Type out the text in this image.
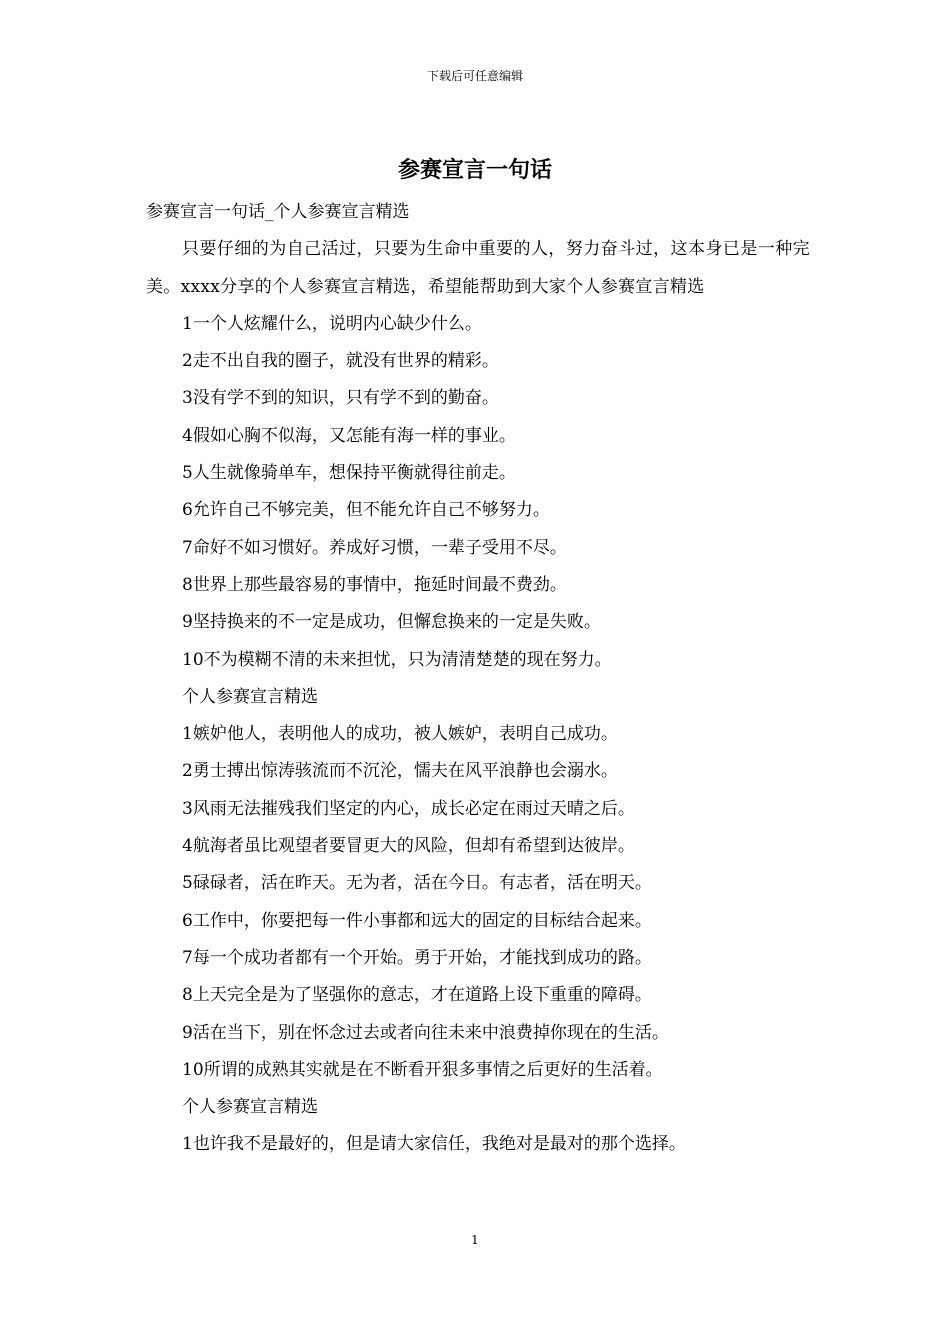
下载后可任意编辑
参赛宣言一句话

参赛宣言一句话_个人参赛宣言精选

只要仔细的为自己活过，只要为生命中重要的人，努力奋斗过，这本身已是一种完美。xxxx分享的个人参赛宣言精选，希望能帮助到大家个人参赛宣言精选

1一个人炫耀什么，说明内心缺少什么。

2走不出自我的圈子，就没有世界的精彩。

3没有学不到的知识，只有学不到的勤奋。

4假如心胸不似海，又怎能有海一样的事业。

5人生就像骑单车，想保持平衡就得往前走。

6允许自己不够完美，但不能允许自己不够努力。

7命好不如习惯好。养成好习惯，一辈子受用不尽。

8世界上那些最容易的事情中，拖延时间最不费劲。

9坚持换来的不一定是成功，但懈怠换来的一定是失败。

10不为模糊不清的未来担忧，只为清清楚楚的现在努力。

个人参赛宣言精选

1嫉妒他人，表明他人的成功，被人嫉妒，表明自己成功。

2勇士搏出惊涛骇流而不沉沦，懦夫在风平浪静也会溺水。

3风雨无法摧残我们坚定的内心，成长必定在雨过天晴之后。

4航海者虽比观望者要冒更大的风险，但却有希望到达彼岸。

5碌碌者，活在昨天。无为者，活在今日。有志者，活在明天。

6工作中，你要把每一件小事都和远大的固定的目标结合起来。

7每一个成功者都有一个开始。勇于开始，才能找到成功的路。

8上天完全是为了坚强你的意志，才在道路上设下重重的障碍。

9活在当下，别在怀念过去或者向往未来中浪费掉你现在的生活。

10所谓的成熟其实就是在不断看开狠多事情之后更好的生活着。

个人参赛宣言精选

1也许我不是最好的，但是请大家信任，我绝对是最对的那个选择。

1
